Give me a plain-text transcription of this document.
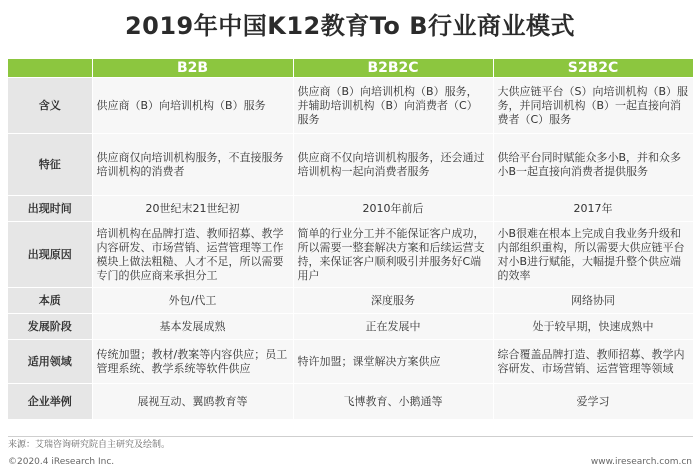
2019年中国K12教育To B行业商业模式
	B2B	B2B2C	S2B2C
含义	供应商（B）向培训机构（B）服务	供应商（B）向培训机构（B）服务，并辅助培训机构（B）向消费者（C）服务	大供应链平台（S）向培训机构（B）服务，并同培训机构（B）一起直接向消费者（C）服务
特征	供应商仅向培训机构服务，不直接服务培训机构的消费者	供应商不仅向培训机构服务，还会通过培训机构一起向消费者服务	供给平台同时赋能众多小B，并和众多小B一起直接向消费者提供服务
出现时间	20世纪末21世纪初	2010年前后	2017年
出现原因	培训机构在品牌打造、教师招募、教学内容研发、市场营销、运营管理等工作模块上做法粗糙、人才不足，所以需要专门的供应商来承担分工	简单的行业分工并不能保证客户成功，所以需要一整套解决方案和后续运营支持，来保证客户顺利吸引并服务好C端用户	小B很难在根本上完成自我业务升级和内部组织重构，所以需要大供应链平台对小B进行赋能，大幅提升整个供应端的效率
本质	外包/代工	深度服务	网络协同
发展阶段	基本发展成熟	正在发展中	处于较早期，快速成熟中
适用领域	传统加盟；教材/教案等内容供应；员工管理系统、教学系统等软件供应	特许加盟；课堂解决方案供应	综合覆盖品牌打造、教师招募、教学内容研发、市场营销、运营管理等领域
企业举例	展视互动、翼鸥教育等	飞博教育、小鹅通等	爱学习
来源：艾瑞咨询研究院自主研究及绘制。
©2020.4 iResearch Inc.	www.iresearch.com.cn
